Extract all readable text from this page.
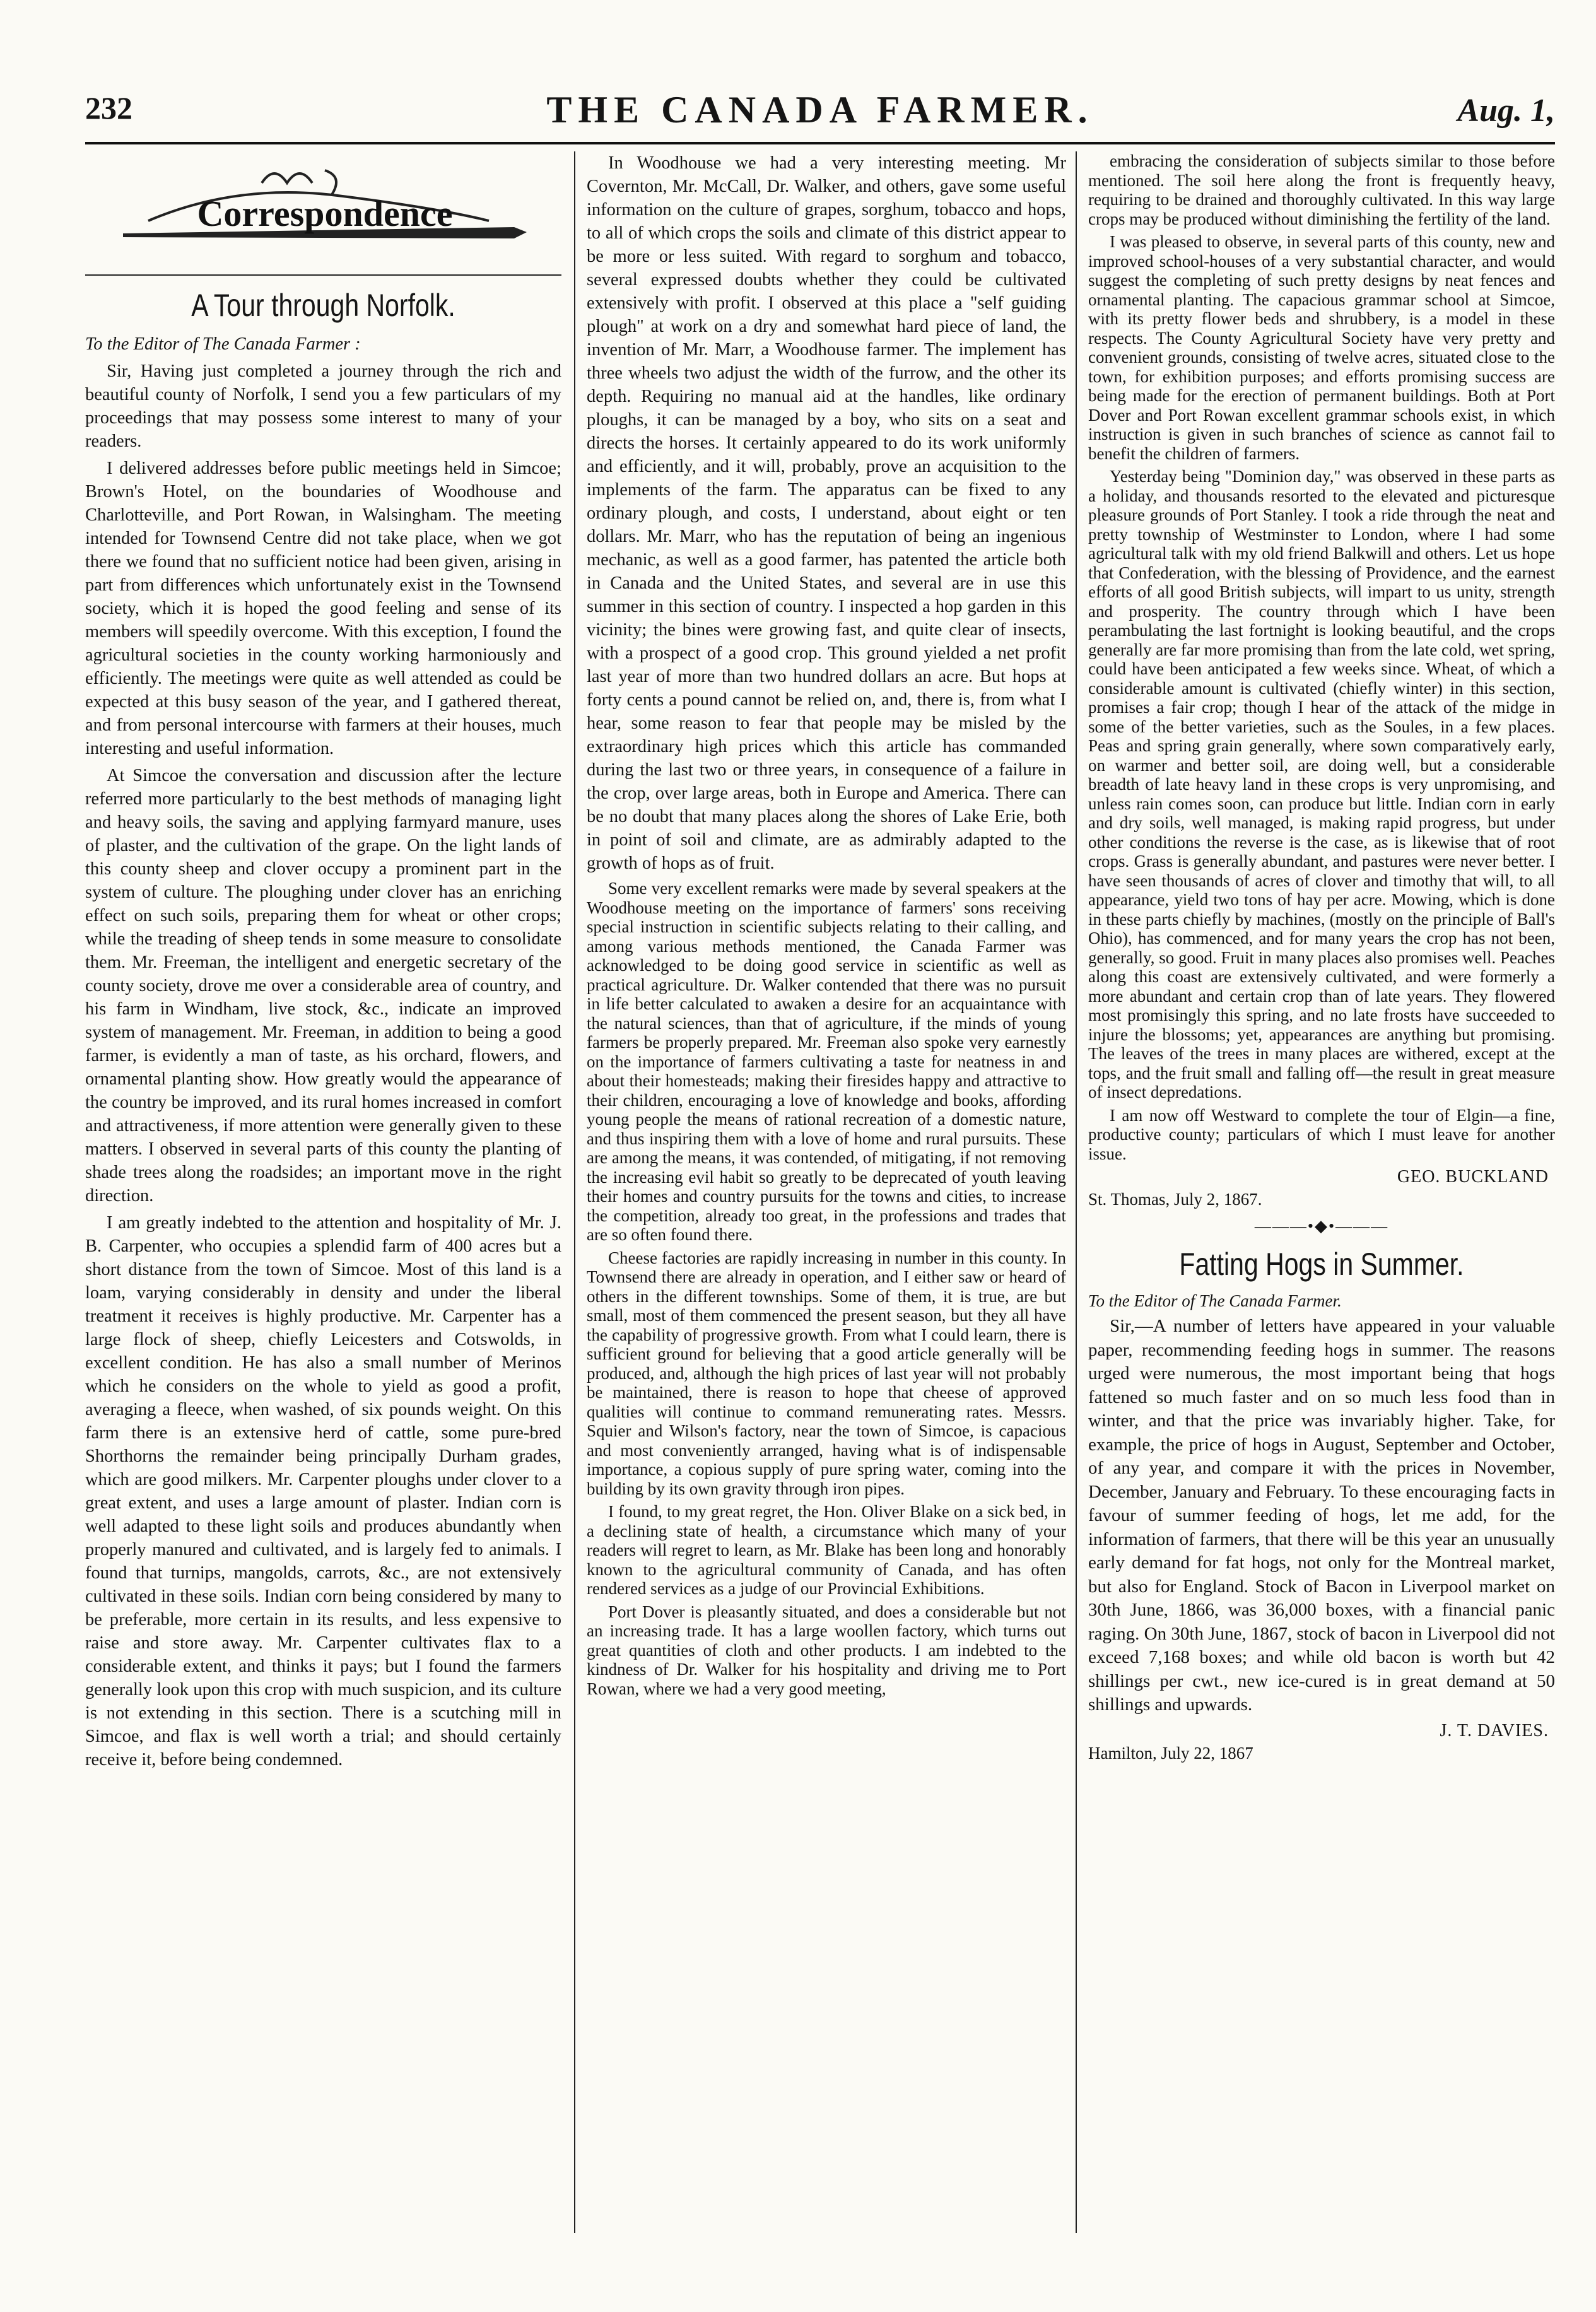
232	THE CANADA FARMER.	Aug. 1,
Correspondence
A Tour through Norfolk.

To the Editor of The Canada Farmer :

Sir, Having just completed a journey through the rich and beautiful county of Norfolk, I send you a few particulars of my proceedings that may possess some interest to many of your readers.

I delivered addresses before public meetings held in Simcoe; Brown's Hotel, on the boundaries of Woodhouse and Charlotteville, and Port Rowan, in Walsingham. The meeting intended for Townsend Centre did not take place, when we got there we found that no sufficient notice had been given, arising in part from differences which unfortunately exist in the Townsend society, which it is hoped the good feeling and sense of its members will speedily overcome. With this exception, I found the agricultural societies in the county working harmoniously and efficiently. The meetings were quite as well attended as could be expected at this busy season of the year, and I gathered thereat, and from personal intercourse with farmers at their houses, much interesting and useful information.

At Simcoe the conversation and discussion after the lecture referred more particularly to the best methods of managing light and heavy soils, the saving and applying farmyard manure, uses of plaster, and the cultivation of the grape. On the light lands of this county sheep and clover occupy a prominent part in the system of culture. The ploughing under clover has an enriching effect on such soils, preparing them for wheat or other crops; while the treading of sheep tends in some measure to consolidate them. Mr. Freeman, the intelligent and energetic secretary of the county society, drove me over a considerable area of country, and his farm in Windham, live stock, &c., indicate an improved system of management. Mr. Freeman, in addition to being a good farmer, is evidently a man of taste, as his orchard, flowers, and ornamental planting show. How greatly would the appearance of the country be improved, and its rural homes increased in comfort and attractiveness, if more attention were generally given to these matters. I observed in several parts of this county the planting of shade trees along the roadsides; an important move in the right direction.

I am greatly indebted to the attention and hospitality of Mr. J. B. Carpenter, who occupies a splendid farm of 400 acres but a short distance from the town of Simcoe. Most of this land is a loam, varying considerably in density and under the liberal treatment it receives is highly productive. Mr. Carpenter has a large flock of sheep, chiefly Leicesters and Cotswolds, in excellent condition. He has also a small number of Merinos which he considers on the whole to yield as good a profit, averaging a fleece, when washed, of six pounds weight. On this farm there is an extensive herd of cattle, some pure-bred Shorthorns the remainder being principally Durham grades, which are good milkers. Mr. Carpenter ploughs under clover to a great extent, and uses a large amount of plaster. Indian corn is well adapted to these light soils and produces abundantly when properly manured and cultivated, and is largely fed to animals. I found that turnips, mangolds, carrots, &c., are not extensively cultivated in these soils. Indian corn being considered by many to be preferable, more certain in its results, and less expensive to raise and store away. Mr. Carpenter cultivates flax to a considerable extent, and thinks it pays; but I found the farmers generally look upon this crop with much suspicion, and its culture is not extending in this section. There is a scutching mill in Simcoe, and flax is well worth a trial; and should certainly receive it, before being condemned.

In Woodhouse we had a very interesting meeting. Mr Covernton, Mr. McCall, Dr. Walker, and others, gave some useful information on the culture of grapes, sorghum, tobacco and hops, to all of which crops the soils and climate of this district appear to be more or less suited. With regard to sorghum and tobacco, several expressed doubts whether they could be cultivated extensively with profit. I observed at this place a "self guiding plough" at work on a dry and somewhat hard piece of land, the invention of Mr. Marr, a Woodhouse farmer. The implement has three wheels two adjust the width of the furrow, and the other its depth. Requiring no manual aid at the handles, like ordinary ploughs, it can be managed by a boy, who sits on a seat and directs the horses. It certainly appeared to do its work uniformly and efficiently, and it will, probably, prove an acquisition to the implements of the farm. The apparatus can be fixed to any ordinary plough, and costs, I understand, about eight or ten dollars. Mr. Marr, who has the reputation of being an ingenious mechanic, as well as a good farmer, has patented the article both in Canada and the United States, and several are in use this summer in this section of country. I inspected a hop garden in this vicinity; the bines were growing fast, and quite clear of insects, with a prospect of a good crop. This ground yielded a net profit last year of more than two hundred dollars an acre. But hops at forty cents a pound cannot be relied on, and, there is, from what I hear, some reason to fear that people may be misled by the extraordinary high prices which this article has commanded during the last two or three years, in consequence of a failure in the crop, over large areas, both in Europe and America. There can be no doubt that many places along the shores of Lake Erie, both in point of soil and climate, are as admirably adapted to the growth of hops as of fruit.

Some very excellent remarks were made by several speakers at the Woodhouse meeting on the importance of farmers' sons receiving special instruction in scientific subjects relating to their calling, and among various methods mentioned, the Canada Farmer was acknowledged to be doing good service in scientific as well as practical agriculture. Dr. Walker contended that there was no pursuit in life better calculated to awaken a desire for an acquaintance with the natural sciences, than that of agriculture, if the minds of young farmers be properly prepared. Mr. Freeman also spoke very earnestly on the importance of farmers cultivating a taste for neatness in and about their homesteads; making their firesides happy and attractive to their children, encouraging a love of knowledge and books, affording young people the means of rational recreation of a domestic nature, and thus inspiring them with a love of home and rural pursuits. These are among the means, it was contended, of mitigating, if not removing the increasing evil habit so greatly to be deprecated of youth leaving their homes and country pursuits for the towns and cities, to increase the competition, already too great, in the professions and trades that are so often found there.

Cheese factories are rapidly increasing in number in this county. In Townsend there are already in operation, and I either saw or heard of others in the different townships. Some of them, it is true, are but small, most of them commenced the present season, but they all have the capability of progressive growth. From what I could learn, there is sufficient ground for believing that a good article generally will be produced, and, although the high prices of last year will not probably be maintained, there is reason to hope that cheese of approved qualities will continue to command remunerating rates. Messrs. Squier and Wilson's factory, near the town of Simcoe, is capacious and most conveniently arranged, having what is of indispensable importance, a copious supply of pure spring water, coming into the building by its own gravity through iron pipes.

I found, to my great regret, the Hon. Oliver Blake on a sick bed, in a declining state of health, a circumstance which many of your readers will regret to learn, as Mr. Blake has been long and honorably known to the agricultural community of Canada, and has often rendered services as a judge of our Provincial Exhibitions.

Port Dover is pleasantly situated, and does a considerable but not an increasing trade. It has a large woollen factory, which turns out great quantities of cloth and other products. I am indebted to the kindness of Dr. Walker for his hospitality and driving me to Port Rowan, where we had a very good meeting,

embracing the consideration of subjects similar to those before mentioned. The soil here along the front is frequently heavy, requiring to be drained and thoroughly cultivated. In this way large crops may be produced without diminishing the fertility of the land.

I was pleased to observe, in several parts of this county, new and improved school-houses of a very substantial character, and would suggest the completing of such pretty designs by neat fences and ornamental planting. The capacious grammar school at Simcoe, with its pretty flower beds and shrubbery, is a model in these respects. The County Agricultural Society have very pretty and convenient grounds, consisting of twelve acres, situated close to the town, for exhibition purposes; and efforts promising success are being made for the erection of permanent buildings. Both at Port Dover and Port Rowan excellent grammar schools exist, in which instruction is given in such branches of science as cannot fail to benefit the children of farmers.

Yesterday being "Dominion day," was observed in these parts as a holiday, and thousands resorted to the elevated and picturesque pleasure grounds of Port Stanley. I took a ride through the neat and pretty township of Westminster to London, where I had some agricultural talk with my old friend Balkwill and others. Let us hope that Confederation, with the blessing of Providence, and the earnest efforts of all good British subjects, will impart to us unity, strength and prosperity. The country through which I have been perambulating the last fortnight is looking beautiful, and the crops generally are far more promising than from the late cold, wet spring, could have been anticipated a few weeks since. Wheat, of which a considerable amount is cultivated (chiefly winter) in this section, promises a fair crop; though I hear of the attack of the midge in some of the better varieties, such as the Soules, in a few places. Peas and spring grain generally, where sown comparatively early, on warmer and better soil, are doing well, but a considerable breadth of late heavy land in these crops is very unpromising, and unless rain comes soon, can produce but little. Indian corn in early and dry soils, well managed, is making rapid progress, but under other conditions the reverse is the case, as is likewise that of root crops. Grass is generally abundant, and pastures were never better. I have seen thousands of acres of clover and timothy that will, to all appearance, yield two tons of hay per acre. Mowing, which is done in these parts chiefly by machines, (mostly on the principle of Ball's Ohio), has commenced, and for many years the crop has not been, generally, so good. Fruit in many places also promises well. Peaches along this coast are extensively cultivated, and were formerly a more abundant and certain crop than of late years. They flowered most promisingly this spring, and no late frosts have succeeded to injure the blossoms; yet, appearances are anything but promising. The leaves of the trees in many places are withered, except at the tops, and the fruit small and falling off—the result in great measure of insect depredations.

I am now off Westward to complete the tour of Elgin—a fine, productive county; particulars of which I must leave for another issue.

GEO. BUCKLAND

St. Thomas, July 2, 1867.

———•◆•———
Fatting Hogs in Summer.

To the Editor of The Canada Farmer.

Sir,—A number of letters have appeared in your valuable paper, recommending feeding hogs in summer. The reasons urged were numerous, the most important being that hogs fattened so much faster and on so much less food than in winter, and that the price was invariably higher. Take, for example, the price of hogs in August, September and October, of any year, and compare it with the prices in November, December, January and February. To these encouraging facts in favour of summer feeding of hogs, let me add, for the information of farmers, that there will be this year an unusually early demand for fat hogs, not only for the Montreal market, but also for England. Stock of Bacon in Liverpool market on 30th June, 1866, was 36,000 boxes, with a financial panic raging. On 30th June, 1867, stock of bacon in Liverpool did not exceed 7,168 boxes; and while old bacon is worth but 42 shillings per cwt., new ice-cured is in great demand at 50 shillings and upwards.

J. T. DAVIES.

Hamilton, July 22, 1867
